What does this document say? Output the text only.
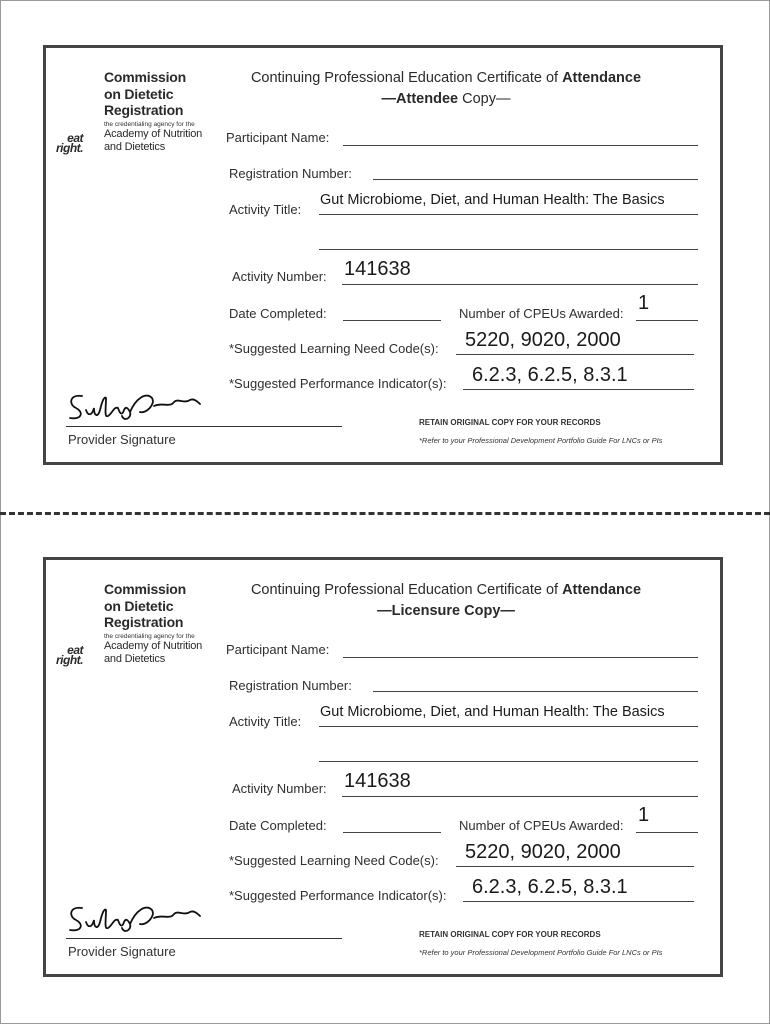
Commission
on Dietetic
Registration
the credentialing agency for the
eat
right.
Academy of Nutrition
and Dietetics
Continuing Professional Education Certificate of Attendance
—Attendee Copy—
Participant Name:
Registration Number:
Activity Title:
Gut Microbiome, Diet, and Human Health: The Basics
Activity Number: 141638
Date Completed:	Number of CPEUs Awarded: 1
*Suggested Learning Need Code(s): 5220, 9020, 2000
*Suggested Performance Indicator(s): 6.2.3, 6.2.5, 8.3.1
Provider Signature
RETAIN ORIGINAL COPY FOR YOUR RECORDS
*Refer to your Professional Development Portfolio Guide For LNCs or PIs
Commission
on Dietetic
Registration
the credentialing agency for the
eat
right.
Academy of Nutrition
and Dietetics
Continuing Professional Education Certificate of Attendance
—Licensure Copy—
Participant Name:
Registration Number:
Activity Title:
Gut Microbiome, Diet, and Human Health: The Basics
Activity Number: 141638
Date Completed:	Number of CPEUs Awarded: 1
*Suggested Learning Need Code(s): 5220, 9020, 2000
*Suggested Performance Indicator(s): 6.2.3, 6.2.5, 8.3.1
Provider Signature
RETAIN ORIGINAL COPY FOR YOUR RECORDS
*Refer to your Professional Development Portfolio Guide For LNCs or PIs
